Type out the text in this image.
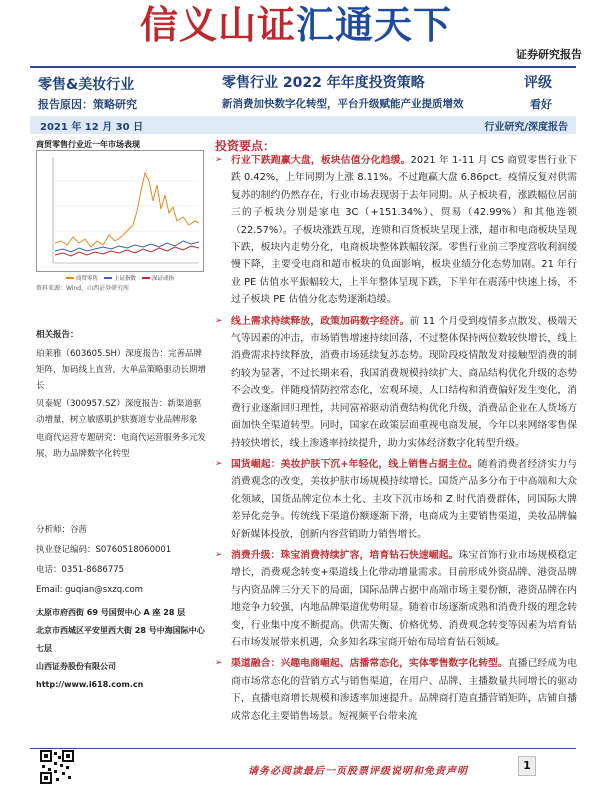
信义山证汇通天下
证券研究报告
零售&美妆行业
报告原因：策略研究
零售行业 2022 年年度投资策略	评级
新消费加快数字化转型，平台升级赋能产业提质增效	看好
2021 年 12 月 30 日	行业研究/深度报告
商贸零售行业近一年市场表现
商贸零售	上证指数	深证成指
资料来源：Wind，山西证券研究所
相关报告：
珀莱雅（603605.SH）深度报告：完善品牌矩阵，加码线上直营，大单品策略驱动长期增长
贝泰妮（300957.SZ）深度报告：新渠道驱动增量，树立敏感肌护肤赛道专业品牌形象
电商代运营专题研究：电商代运营服务多元发展，助力品牌数字化转型
分析师：谷茜
执业登记编码：S0760518060001
电话：0351-8686775
Email: guqian@sxzq.com
太原市府西街 69 号国贸中心 A 座 28 层
北京市西城区平安里西大街 28 号中海国际中心七层
山西证券股份有限公司
http://www.i618.com.cn
投资要点：
➢ 行业下跌跑赢大盘，板块估值分化趋缓。2021 年 1-11 月 CS 商贸零售行业下跌 0.42%，上年同期为上涨 8.11%。不过跑赢大盘 6.86pct。疫情反复对供需复苏的制约仍然存在，行业市场表现弱于去年同期。从子板块看，涨跌幅位居前三的子板块分别是家电 3C（+151.34%）、贸易（42.99%）和其他连锁（22.57%）。子板块涨跌互现，连锁和百货板块呈现上涨，超市和电商板块呈现下跌，板块内走势分化，电商板块整体跌幅较深。零售行业前三季度营收利润缓慢下降，主要受电商和超市板块的负面影响，板块业绩分化态势加剧。21 年行业 PE 估值水平振幅较大，上半年整体呈现下跌，下半年在震荡中快速上扬，不过子板块 PE 估值分化态势逐渐趋缓。
➢ 线上需求持续释放，政策加码数字经济。前 11 个月受到疫情多点散发、极端天气等因素的冲击，市场销售增速持续回落，不过整体保持两位数较快增长，线上消费需求持续释放，消费市场延续复苏态势。现阶段疫情散发对接触型消费的制约较为显著，不过长期来看，我国消费规模持续扩大、商品结构优化升级的态势不会改变。伴随疫情防控常态化，宏观环境、人口结构和消费偏好发生变化，消费行业逐渐回归理性，共同富裕驱动消费结构优化升级，消费品企业在人货场方面加快全渠道转型。同时，国家在政策层面重视电商发展，今年以来网络零售保持较快增长，线上渗透率持续提升，助力实体经济数字化转型升级。
➢ 国货崛起：美妆护肤下沉+年轻化，线上销售占据主位。随着消费者经济实力与消费观念的改变，美妆护肤市场规模持续增长。国货产品多分布于中高端和大众化领域，国货品牌定位本土化、主攻下沉市场和 Z 时代消费群体，同国际大牌差异化竞争。传统线下渠道份额逐渐下滑，电商成为主要销售渠道，美妆品牌偏好新媒体投放，创新内容营销助力销售增长。
➢ 消费升级：珠宝消费持续扩容，培育钻石快速崛起。珠宝首饰行业市场规模稳定增长，消费观念转变+渠道线上化带动增量需求。目前形成外资品牌、港资品牌与内资品牌三分天下的局面，国际品牌占据中高端市场主要份额，港资品牌在内地竞争力较强，内地品牌渠道优势明显。随着市场逐渐成熟和消费升级的理念转变，行业集中度不断提高。供需失衡、价格优势、消费观念转变等因素为培育钻石市场发展带来机遇，众多知名珠宝商开始布局培育钻石领域。
➢ 渠道融合：兴趣电商崛起、店播常态化，实体零售数字化转型。直播已经成为电商市场常态化的营销方式与销售渠道，在用户、品牌、主播数量共同增长的驱动下，直播电商增长规模和渗透率加速提升。品牌商打造直播营销矩阵，店铺自播成常态化主要销售场景。短视频平台带来流
请务必阅读最后一页股票评级说明和免责声明	1
